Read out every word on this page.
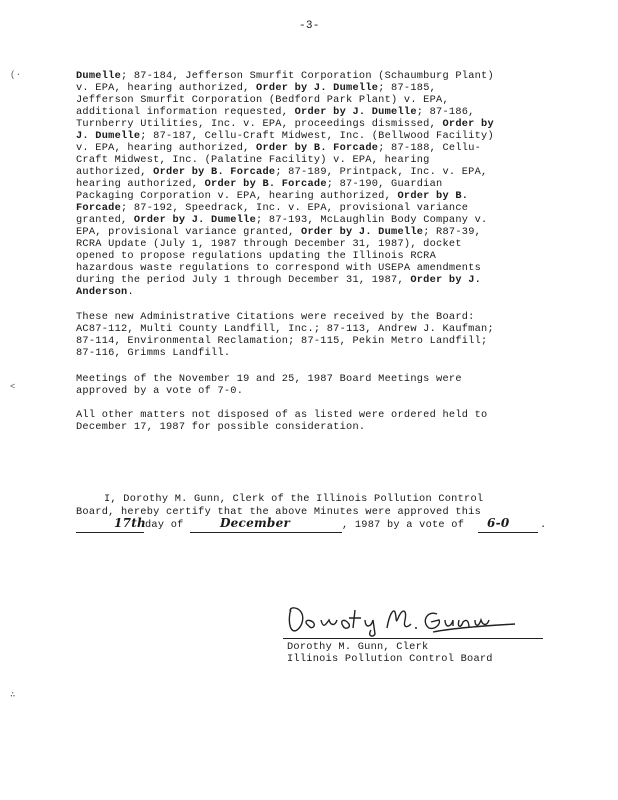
-3-
Dumelle; 87-184, Jefferson Smurfit Corporation (Schaumburg Plant)
v. EPA, hearing authorized, Order by J. Dumelle; 87-185,
Jefferson Smurfit Corporation (Bedford Park Plant) v. EPA,
additional information requested, Order by J. Dumelle; 87-186,
Turnberry Utilities, Inc. v. EPA, proceedings dismissed, Order by
J. Dumelle; 87-187, Cellu-Craft Midwest, Inc. (Bellwood Facility)
v. EPA, hearing authorized, Order by B. Forcade; 87-188, Cellu-
Craft Midwest, Inc. (Palatine Facility) v. EPA, hearing
authorized, Order by B. Forcade; 87-189, Printpack, Inc. v. EPA,
hearing authorized, Order by B. Forcade; 87-190, Guardian
Packaging Corporation v. EPA, hearing authorized, Order by B.
Forcade; 87-192, Speedrack, Inc. v. EPA, provisional variance
granted, Order by J. Dumelle; 87-193, McLaughlin Body Company v.
EPA, provisional variance granted, Order by J. Dumelle; R87-39,
RCRA Update (July 1, 1987 through December 31, 1987), docket
opened to propose regulations updating the Illinois RCRA
hazardous waste regulations to correspond with USEPA amendments
during the period July 1 through December 31, 1987, Order by J.
Anderson.
These new Administrative Citations were received by the Board:
AC87-112, Multi County Landfill, Inc.; 87-113, Andrew J. Kaufman;
87-114, Environmental Reclamation; 87-115, Pekin Metro Landfill;
87-116, Grimms Landfill.
Meetings of the November 19 and 25, 1987 Board Meetings were
approved by a vote of 7-0.
All other matters not disposed of as listed were ordered held to
December 17, 1987 for possible consideration.
I, Dorothy M. Gunn, Clerk of the Illinois Pollution Control
Board, hereby certify that the above Minutes were approved this
17th day of	December	, 1987 by a vote of 6-0	.
Dorothy M. Gunn, Clerk
Illinois Pollution Control Board
(·
<
∴
